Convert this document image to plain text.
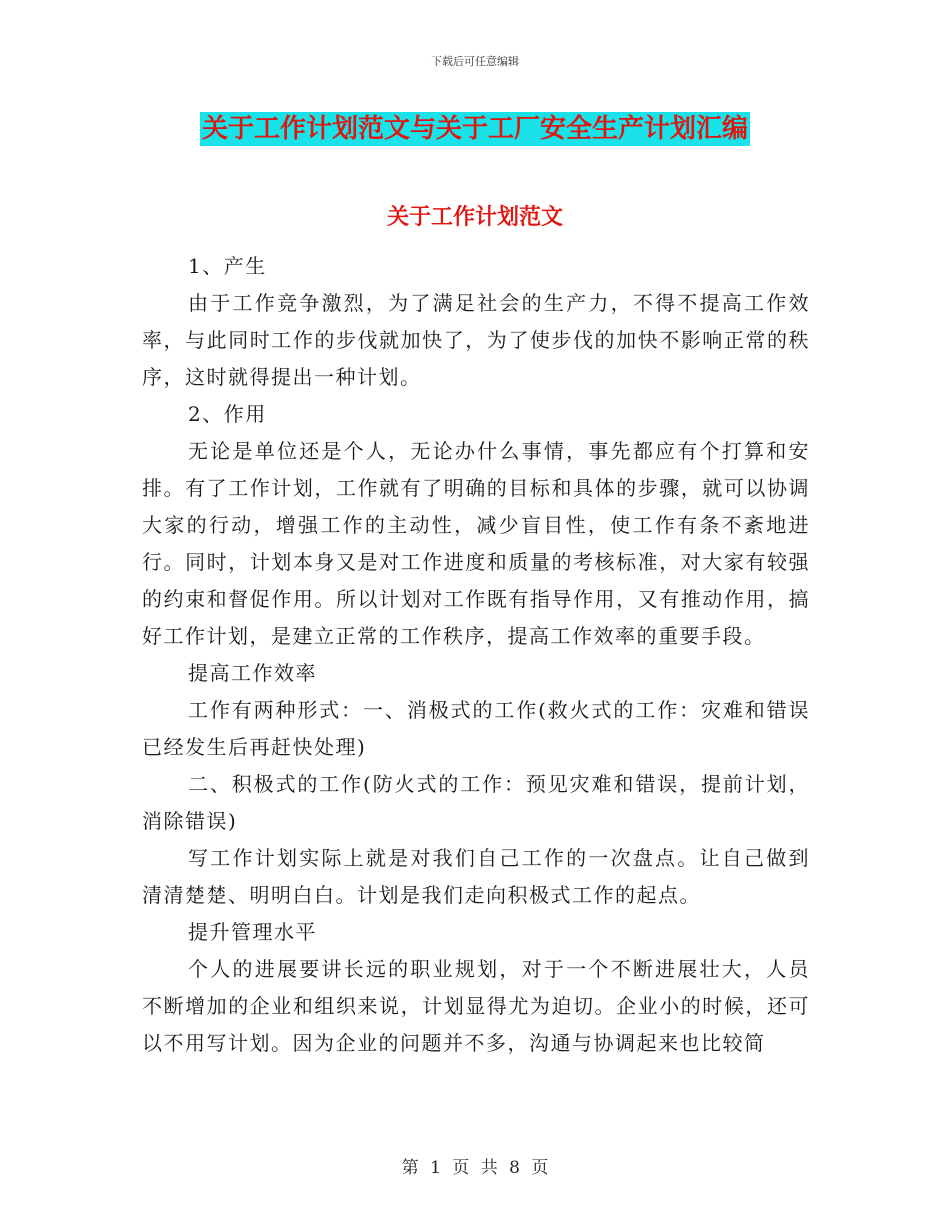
下载后可任意编辑
关于工作计划范文与关于工厂安全生产计划汇编
关于工作计划范文

1、产生

由于工作竞争激烈，为了满足社会的生产力，不得不提高工作效率，与此同时工作的步伐就加快了，为了使步伐的加快不影响正常的秩序，这时就得提出一种计划。

2、作用

无论是单位还是个人，无论办什么事情，事先都应有个打算和安排。有了工作计划，工作就有了明确的目标和具体的步骤，就可以协调大家的行动，增强工作的主动性，减少盲目性，使工作有条不紊地进行。同时，计划本身又是对工作进度和质量的考核标准，对大家有较强的约束和督促作用。所以计划对工作既有指导作用，又有推动作用，搞好工作计划，是建立正常的工作秩序，提高工作效率的重要手段。

提高工作效率

工作有两种形式：一、消极式的工作(救火式的工作：灾难和错误已经发生后再赶快处理)

二、积极式的工作(防火式的工作：预见灾难和错误，提前计划，消除错误)

写工作计划实际上就是对我们自己工作的一次盘点。让自己做到清清楚楚、明明白白。计划是我们走向积极式工作的起点。

提升管理水平

个人的进展要讲长远的职业规划，对于一个不断进展壮大，人员不断增加的企业和组织来说，计划显得尤为迫切。企业小的时候，还可以不用写计划。因为企业的问题并不多，沟通与协调起来也比较简

第 1 页 共 8 页
